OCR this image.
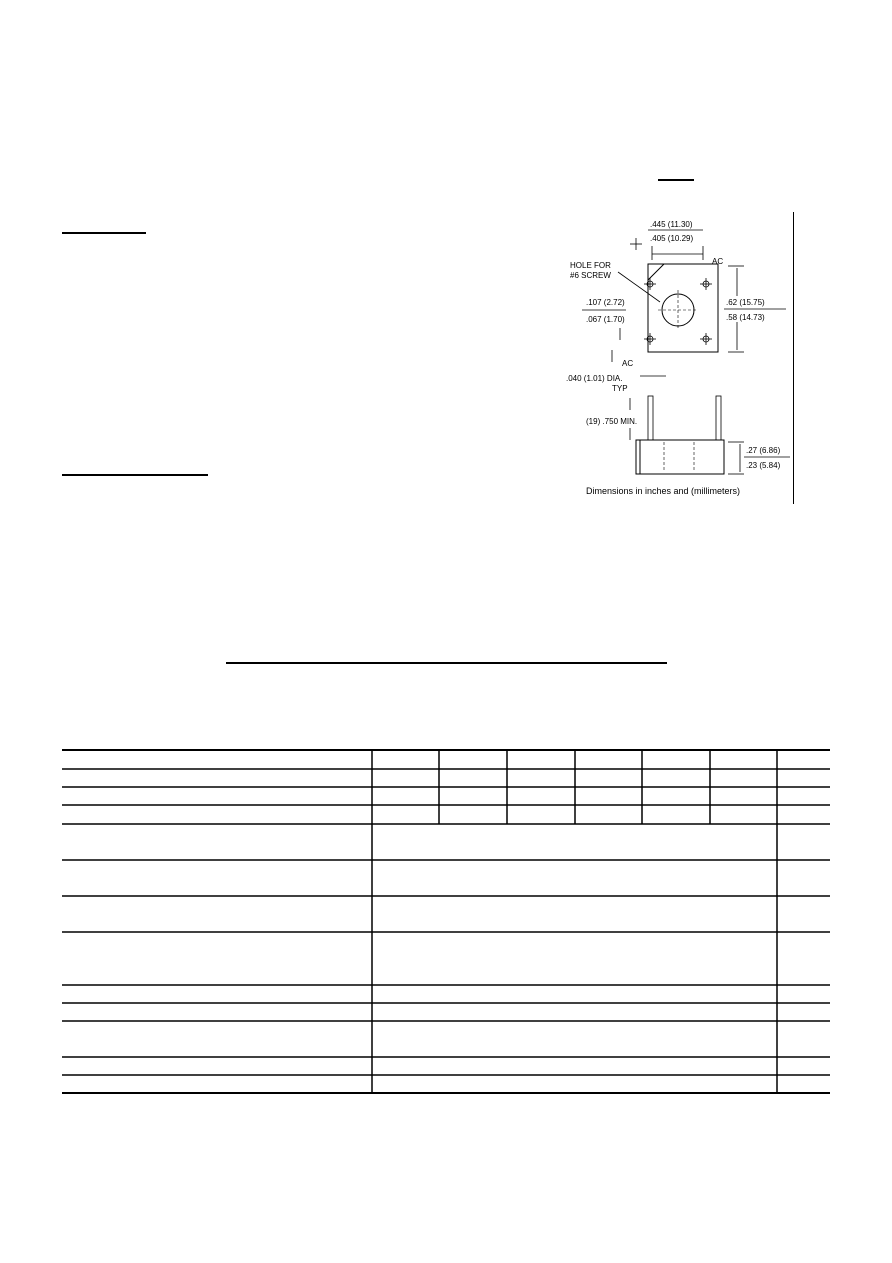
.445 (11.30)
.405 (10.29)
AC
HOLE FOR
#6 SCREW
.107 (2.72)
.067 (1.70)
AC
.62 (15.75)
.58 (14.73)
.040 (1.01) DIA.
TYP
(19) .750 MIN.
.27 (6.86)
.23 (5.84)
Dimensions in inches and (millimeters)
